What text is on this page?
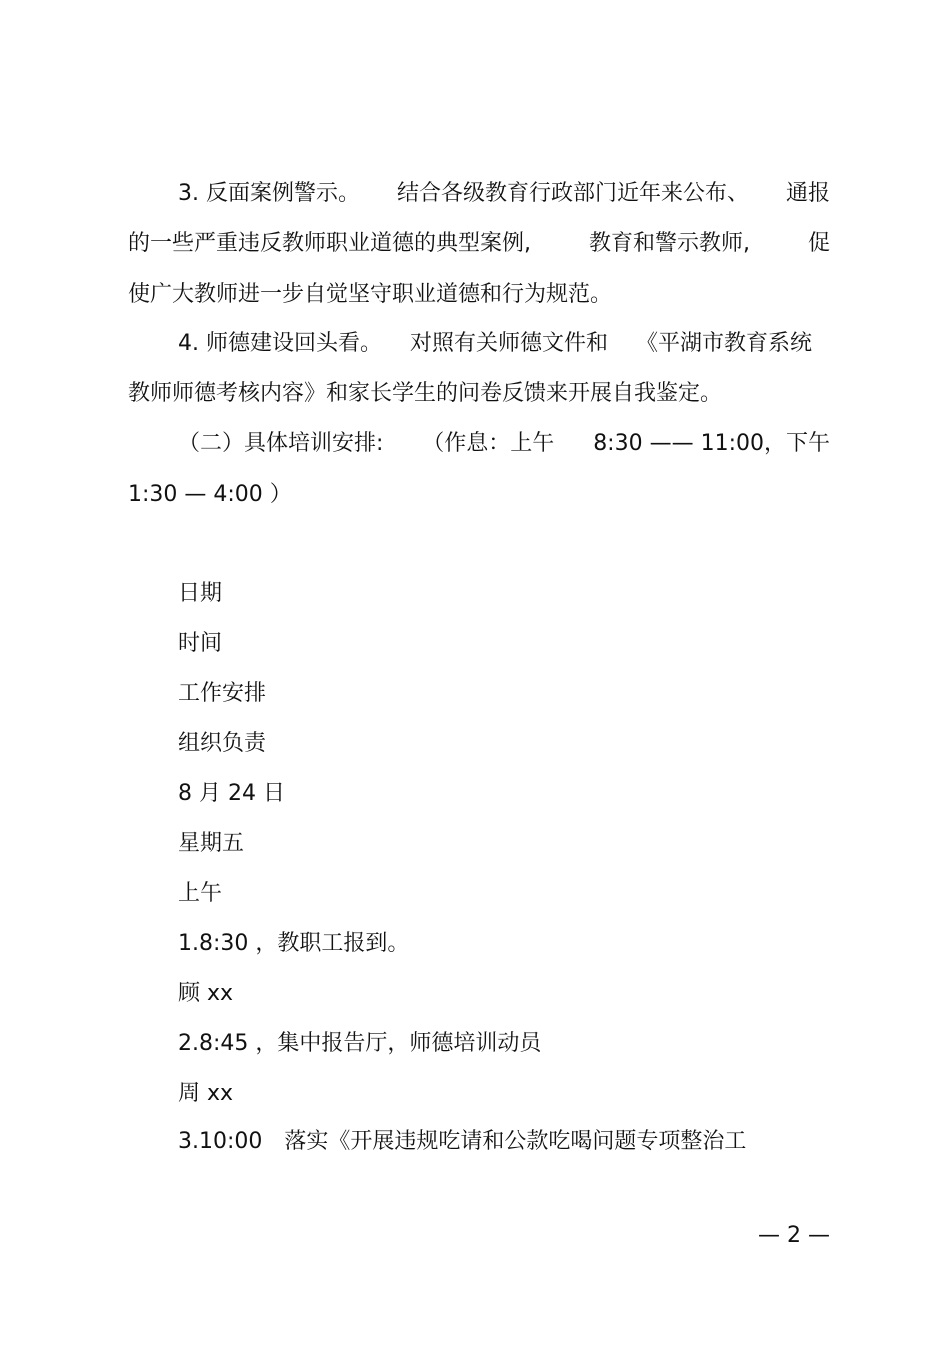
3. 反面案例警示。 结合各级教育行政部门近年来公布、 通报
的一些严重违反教师职业道德的典型案例,	教育和警示教师,	促

使广大教师进一步自觉坚守职业道德和行为规范。

4. 师德建设回头看。 对照有关师德文件和 《平湖市教育系统

教师师德考核内容》和家长学生的问卷反馈来开展自我鉴定。

（二）具体培训安排: （作息：上午 8:30 —— 11:00，下午

1:30 — 4:00 ）

日期
时间
工作安排
组织负责
8 月 24 日
星期五
上午
1.8:30 ，教职工报到。
顾 xx
2.8:45 ，集中报告厅，师德培训动员
周 xx
3.10:00　落实《开展违规吃请和公款吃喝问题专项整治工
— 2 —
